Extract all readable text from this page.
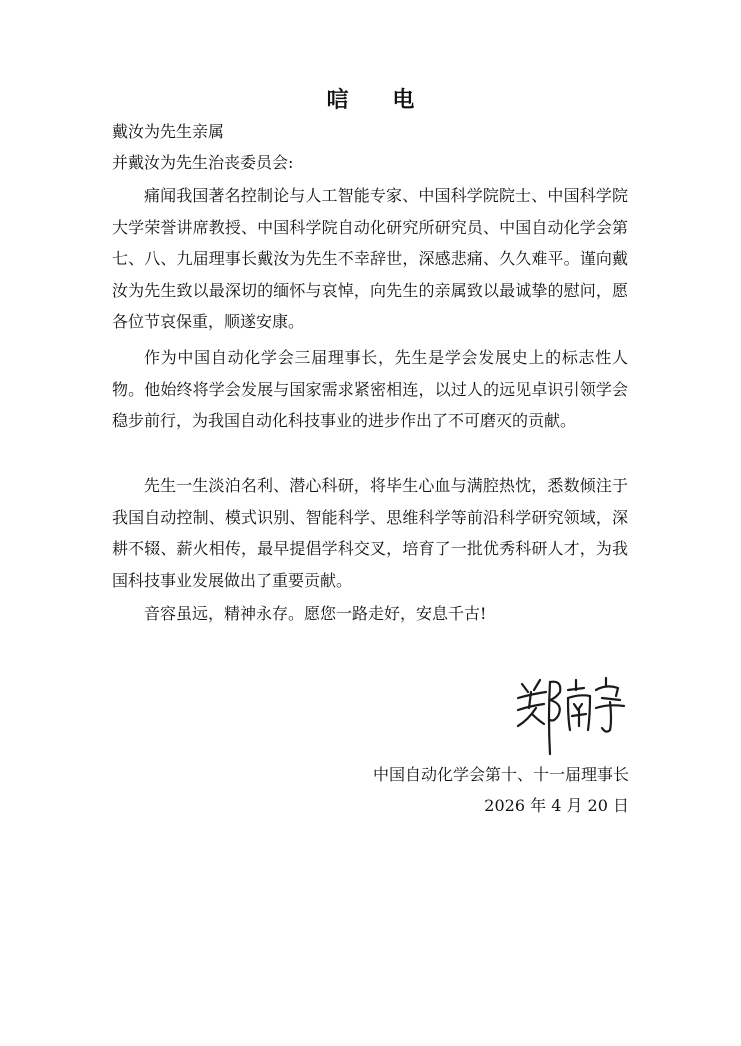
唁 电
戴汝为先生亲属
并戴汝为先生治丧委员会:

痛闻我国著名控制论与人工智能专家、中国科学院院士、中国科学院大学荣誉讲席教授、中国科学院自动化研究所研究员、中国自动化学会第七、八、九届理事长戴汝为先生不幸辞世，深感悲痛、久久难平。谨向戴汝为先生致以最深切的缅怀与哀悼，向先生的亲属致以最诚挚的慰问，愿各位节哀保重，顺遂安康。

作为中国自动化学会三届理事长，先生是学会发展史上的标志性人物。他始终将学会发展与国家需求紧密相连，以过人的远见卓识引领学会稳步前行，为我国自动化科技事业的进步作出了不可磨灭的贡献。

先生一生淡泊名利、潜心科研，将毕生心血与满腔热忱，悉数倾注于我国自动控制、模式识别、智能科学、思维科学等前沿科学研究领域，深耕不辍、薪火相传，最早提倡学科交叉，培育了一批优秀科研人才，为我国科技事业发展做出了重要贡献。

音容虽远，精神永存。愿您一路走好，安息千古!

中国自动化学会第十、十一届理事长
2026 年 4 月 20 日
